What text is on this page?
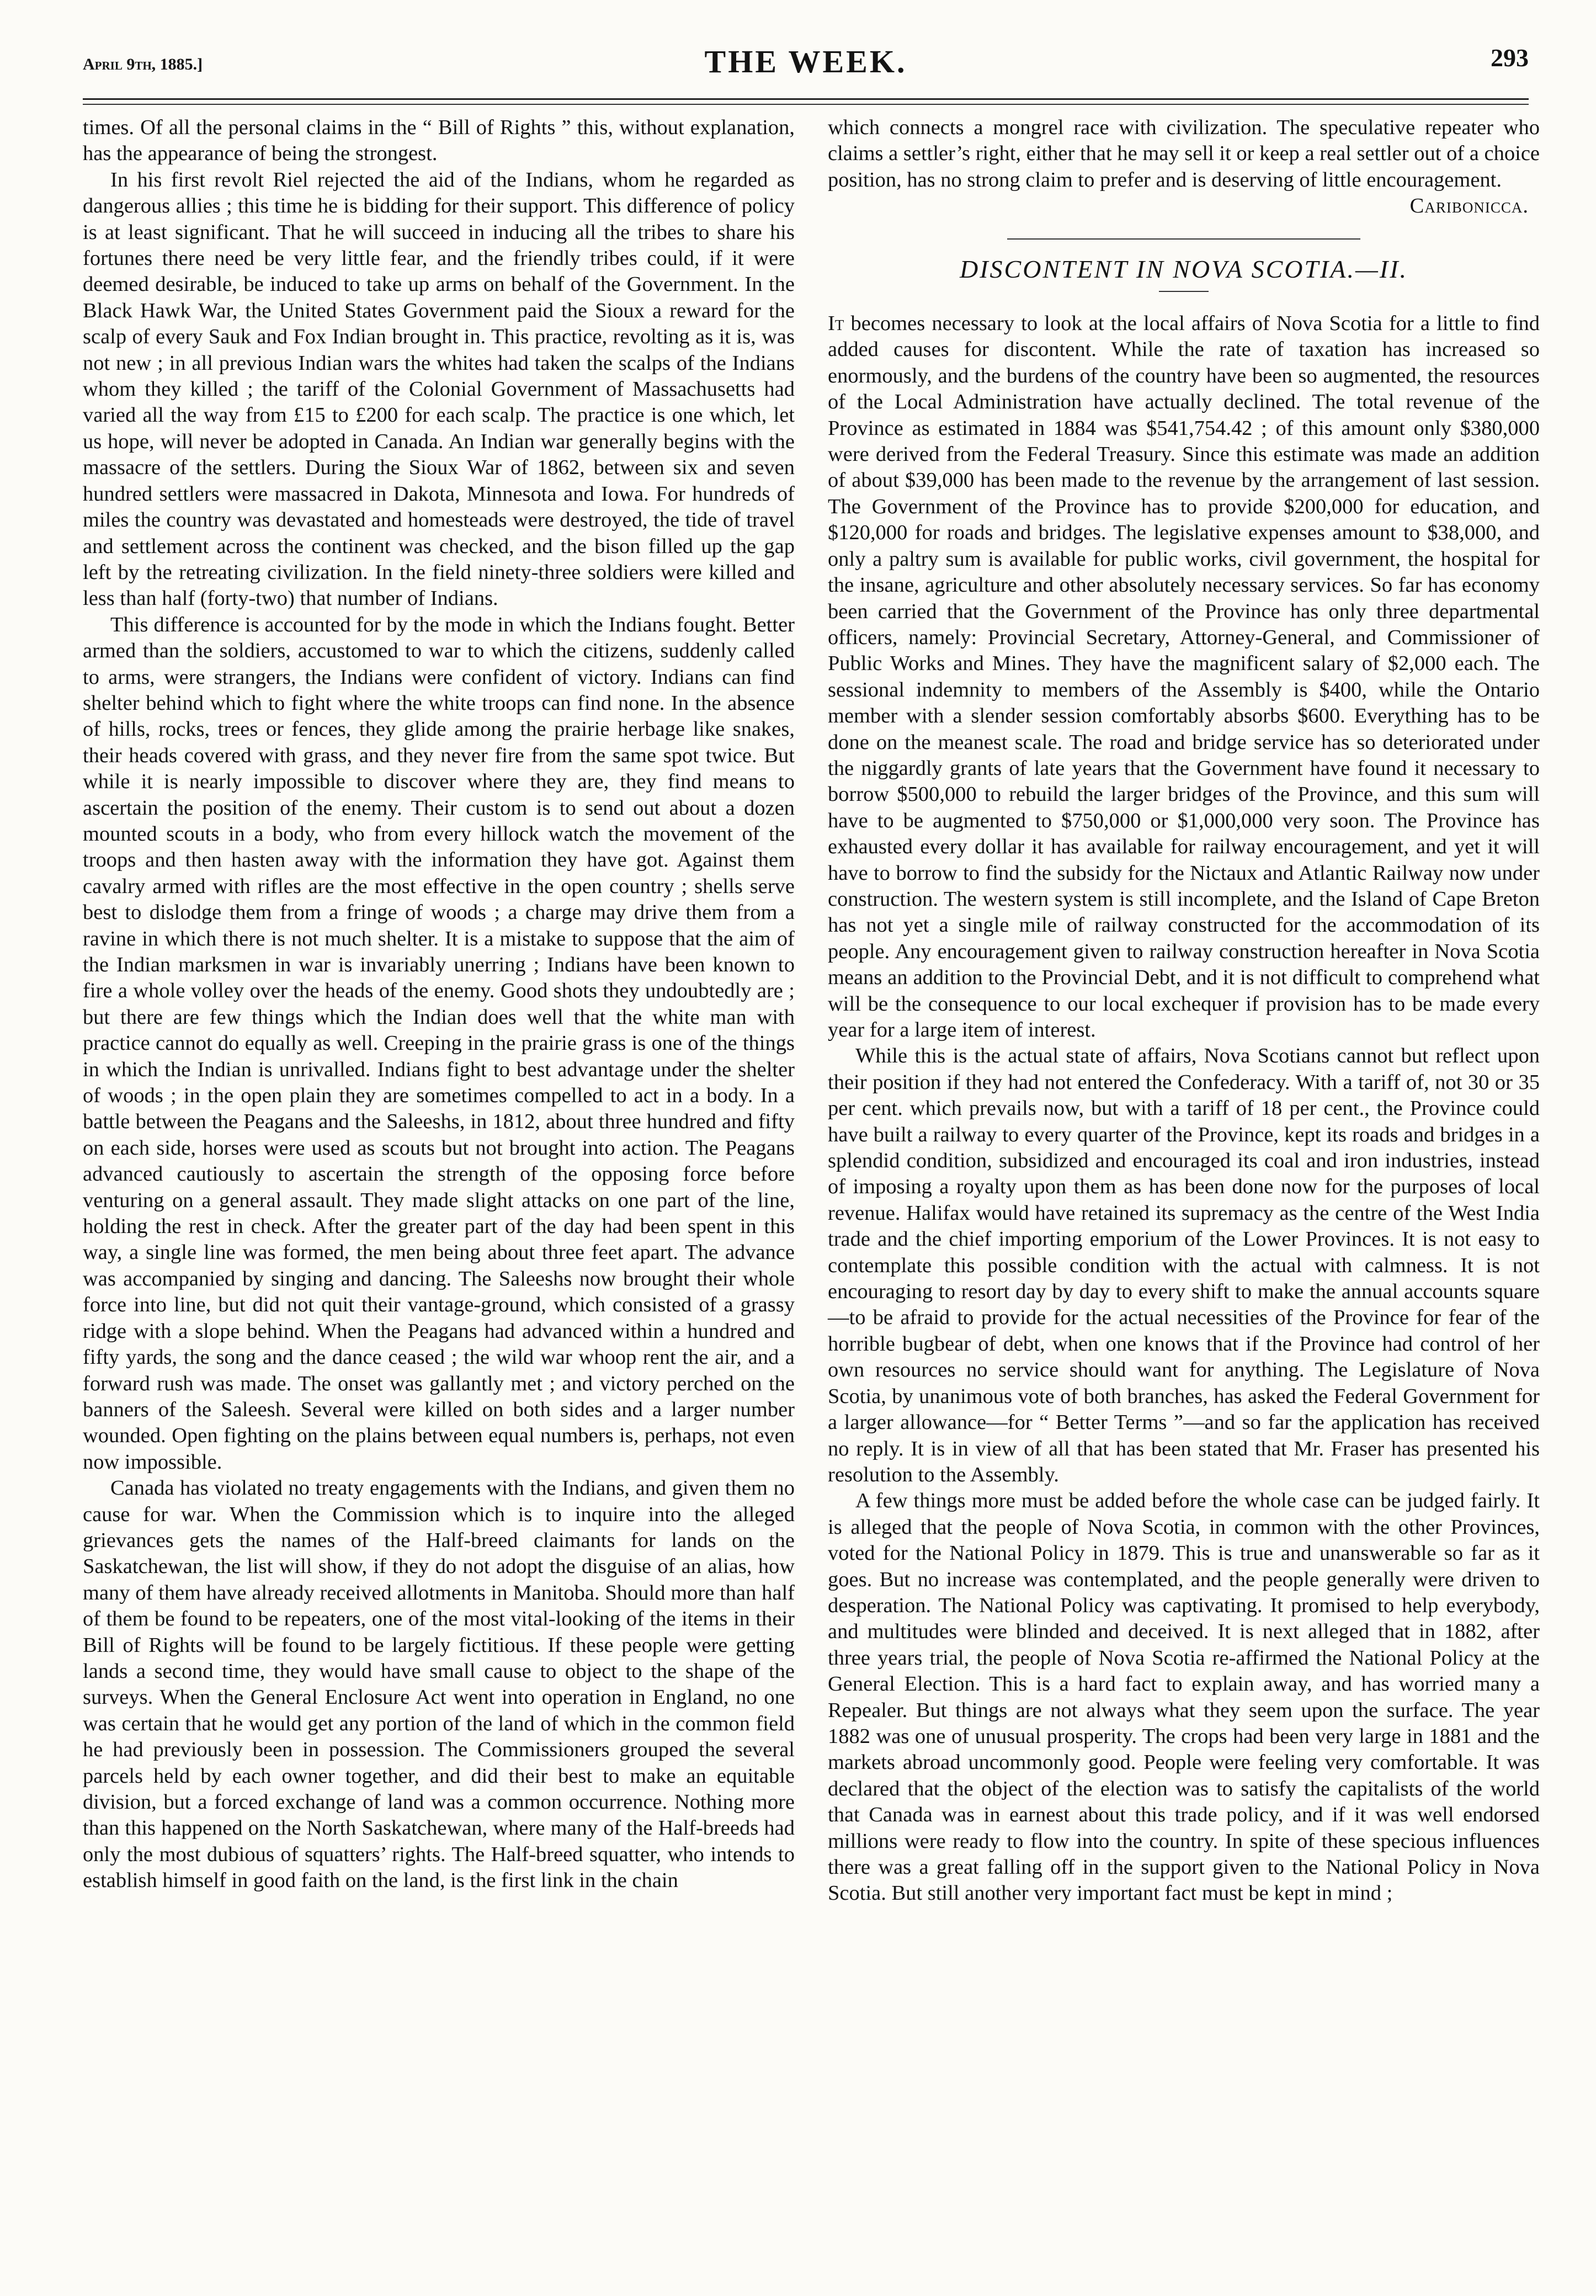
April 9th, 1885.]	THE WEEK.	293

times. Of all the personal claims in the “ Bill of Rights ” this, without explanation, has the appearance of being the strongest.

In his first revolt Riel rejected the aid of the Indians, whom he regarded as dangerous allies ; this time he is bidding for their support. This difference of policy is at least significant. That he will succeed in inducing all the tribes to share his fortunes there need be very little fear, and the friendly tribes could, if it were deemed desirable, be induced to take up arms on behalf of the Government. In the Black Hawk War, the United States Government paid the Sioux a reward for the scalp of every Sauk and Fox Indian brought in. This practice, revolting as it is, was not new ; in all previous Indian wars the whites had taken the scalps of the Indians whom they killed ; the tariff of the Colonial Government of Massachusetts had varied all the way from £15 to £200 for each scalp. The practice is one which, let us hope, will never be adopted in Canada. An Indian war generally begins with the massacre of the settlers. During the Sioux War of 1862, between six and seven hundred settlers were massacred in Dakota, Minnesota and Iowa. For hundreds of miles the country was devastated and homesteads were destroyed, the tide of travel and settlement across the continent was checked, and the bison filled up the gap left by the retreating civilization. In the field ninety-three soldiers were killed and less than half (forty-two) that number of Indians.

This difference is accounted for by the mode in which the Indians fought. Better armed than the soldiers, accustomed to war to which the citizens, suddenly called to arms, were strangers, the Indians were confident of victory. Indians can find shelter behind which to fight where the white troops can find none. In the absence of hills, rocks, trees or fences, they glide among the prairie herbage like snakes, their heads covered with grass, and they never fire from the same spot twice. But while it is nearly impossible to discover where they are, they find means to ascertain the position of the enemy. Their custom is to send out about a dozen mounted scouts in a body, who from every hillock watch the movement of the troops and then hasten away with the information they have got. Against them cavalry armed with rifles are the most effective in the open country ; shells serve best to dislodge them from a fringe of woods ; a charge may drive them from a ravine in which there is not much shelter. It is a mistake to suppose that the aim of the Indian marksmen in war is invariably unerring ; Indians have been known to fire a whole volley over the heads of the enemy. Good shots they undoubtedly are ; but there are few things which the Indian does well that the white man with practice cannot do equally as well. Creeping in the prairie grass is one of the things in which the Indian is unrivalled. Indians fight to best advantage under the shelter of woods ; in the open plain they are sometimes compelled to act in a body. In a battle between the Peagans and the Saleeshs, in 1812, about three hundred and fifty on each side, horses were used as scouts but not brought into action. The Peagans advanced cautiously to ascertain the strength of the opposing force before venturing on a general assault. They made slight attacks on one part of the line, holding the rest in check. After the greater part of the day had been spent in this way, a single line was formed, the men being about three feet apart. The advance was accompanied by singing and dancing. The Saleeshs now brought their whole force into line, but did not quit their vantage-ground, which consisted of a grassy ridge with a slope behind. When the Peagans had advanced within a hundred and fifty yards, the song and the dance ceased ; the wild war whoop rent the air, and a forward rush was made. The onset was gallantly met ; and victory perched on the banners of the Saleesh. Several were killed on both sides and a larger number wounded. Open fighting on the plains between equal numbers is, perhaps, not even now impossible.

Canada has violated no treaty engagements with the Indians, and given them no cause for war. When the Commission which is to inquire into the alleged grievances gets the names of the Half-breed claimants for lands on the Saskatchewan, the list will show, if they do not adopt the disguise of an alias, how many of them have already received allotments in Manitoba. Should more than half of them be found to be repeaters, one of the most vital-looking of the items in their Bill of Rights will be found to be largely fictitious. If these people were getting lands a second time, they would have small cause to object to the shape of the surveys. When the General Enclosure Act went into operation in England, no one was certain that he would get any portion of the land of which in the common field he had previously been in possession. The Commissioners grouped the several parcels held by each owner together, and did their best to make an equitable division, but a forced exchange of land was a common occurrence. Nothing more than this happened on the North Saskatchewan, where many of the Half-breeds had only the most dubious of squatters’ rights. The Half-breed squatter, who intends to establish himself in good faith on the land, is the first link in the chain

which connects a mongrel race with civilization. The speculative repeater who claims a settler’s right, either that he may sell it or keep a real settler out of a choice position, has no strong claim to prefer and is deserving of little encouragement.

Caribonicca.
DISCONTENT IN NOVA SCOTIA.—II.

It becomes necessary to look at the local affairs of Nova Scotia for a little to find added causes for discontent. While the rate of taxation has increased so enormously, and the burdens of the country have been so augmented, the resources of the Local Administration have actually declined. The total revenue of the Province as estimated in 1884 was $541,754.42 ; of this amount only $380,000 were derived from the Federal Treasury. Since this estimate was made an addition of about $39,000 has been made to the revenue by the arrangement of last session. The Government of the Province has to provide $200,000 for education, and $120,000 for roads and bridges. The legislative expenses amount to $38,000, and only a paltry sum is available for public works, civil government, the hospital for the insane, agriculture and other absolutely necessary services. So far has economy been carried that the Government of the Province has only three departmental officers, namely: Provincial Secretary, Attorney-General, and Commissioner of Public Works and Mines. They have the magnificent salary of $2,000 each. The sessional indemnity to members of the Assembly is $400, while the Ontario member with a slender session comfortably absorbs $600. Everything has to be done on the meanest scale. The road and bridge service has so deteriorated under the niggardly grants of late years that the Government have found it necessary to borrow $500,000 to rebuild the larger bridges of the Province, and this sum will have to be augmented to $750,000 or $1,000,000 very soon. The Province has exhausted every dollar it has available for railway encouragement, and yet it will have to borrow to find the subsidy for the Nictaux and Atlantic Railway now under construction. The western system is still incomplete, and the Island of Cape Breton has not yet a single mile of railway constructed for the accommodation of its people. Any encouragement given to railway construction hereafter in Nova Scotia means an addition to the Provincial Debt, and it is not difficult to comprehend what will be the consequence to our local exchequer if provision has to be made every year for a large item of interest.

While this is the actual state of affairs, Nova Scotians cannot but reflect upon their position if they had not entered the Confederacy. With a tariff of, not 30 or 35 per cent. which prevails now, but with a tariff of 18 per cent., the Province could have built a railway to every quarter of the Province, kept its roads and bridges in a splendid condition, subsidized and encouraged its coal and iron industries, instead of imposing a royalty upon them as has been done now for the purposes of local revenue. Halifax would have retained its supremacy as the centre of the West India trade and the chief importing emporium of the Lower Provinces. It is not easy to contemplate this possible condition with the actual with calmness. It is not encouraging to resort day by day to every shift to make the annual accounts square—to be afraid to provide for the actual necessities of the Province for fear of the horrible bugbear of debt, when one knows that if the Province had control of her own resources no service should want for anything. The Legislature of Nova Scotia, by unanimous vote of both branches, has asked the Federal Government for a larger allowance—for “ Better Terms ”—and so far the application has received no reply. It is in view of all that has been stated that Mr. Fraser has presented his resolution to the Assembly.

A few things more must be added before the whole case can be judged fairly. It is alleged that the people of Nova Scotia, in common with the other Provinces, voted for the National Policy in 1879. This is true and unanswerable so far as it goes. But no increase was contemplated, and the people generally were driven to desperation. The National Policy was captivating. It promised to help everybody, and multitudes were blinded and deceived. It is next alleged that in 1882, after three years trial, the people of Nova Scotia re-affirmed the National Policy at the General Election. This is a hard fact to explain away, and has worried many a Repealer. But things are not always what they seem upon the surface. The year 1882 was one of unusual prosperity. The crops had been very large in 1881 and the markets abroad uncommonly good. People were feeling very comfortable. It was declared that the object of the election was to satisfy the capitalists of the world that Canada was in earnest about this trade policy, and if it was well endorsed millions were ready to flow into the country. In spite of these specious influences there was a great falling off in the support given to the National Policy in Nova Scotia. But still another very important fact must be kept in mind ;
